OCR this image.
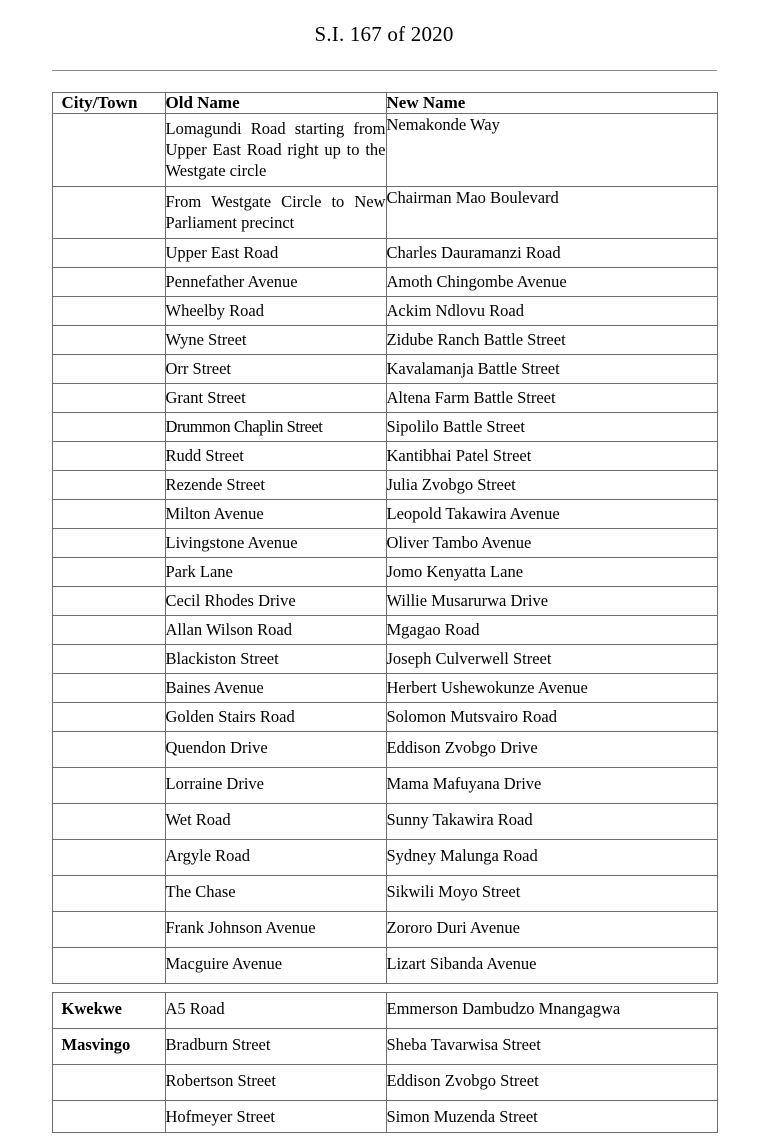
S.I. 167 of 2020
City/Town	Old Name	New Name
	Lomagundi Road starting from Upper East Road right up to the Westgate circle	Nemakonde Way
	From Westgate Circle to New Parliament precinct	Chairman Mao Boulevard
	Upper East Road	Charles Dauramanzi Road
	Pennefather Avenue	Amoth Chingombe Avenue
	Wheelby Road	Ackim Ndlovu Road
	Wyne Street	Zidube Ranch Battle Street
	Orr Street	Kavalamanja Battle Street
	Grant Street	Altena Farm Battle Street
	Drummon Chaplin Street	Sipolilo Battle Street
	Rudd Street	Kantibhai Patel Street
	Rezende Street	Julia Zvobgo Street
	Milton Avenue	Leopold Takawira Avenue
	Livingstone Avenue	Oliver Tambo Avenue
	Park Lane	Jomo Kenyatta Lane
	Cecil Rhodes Drive	Willie Musarurwa Drive
	Allan Wilson Road	Mgagao Road
	Blackiston Street	Joseph Culverwell Street
	Baines Avenue	Herbert Ushewokunze Avenue
	Golden Stairs Road	Solomon Mutsvairo Road
	Quendon Drive	Eddison Zvobgo Drive
	Lorraine Drive	Mama Mafuyana Drive
	Wet Road	Sunny Takawira Road
	Argyle Road	Sydney Malunga Road
	The Chase	Sikwili Moyo Street
	Frank Johnson Avenue	Zororo Duri Avenue
	Macguire Avenue	Lizart Sibanda Avenue
Kwekwe	A5 Road	Emmerson Dambudzo Mnangagwa
Masvingo	Bradburn Street	Sheba Tavarwisa Street
	Robertson Street	Eddison Zvobgo Street
	Hofmeyer Street	Simon Muzenda Street
